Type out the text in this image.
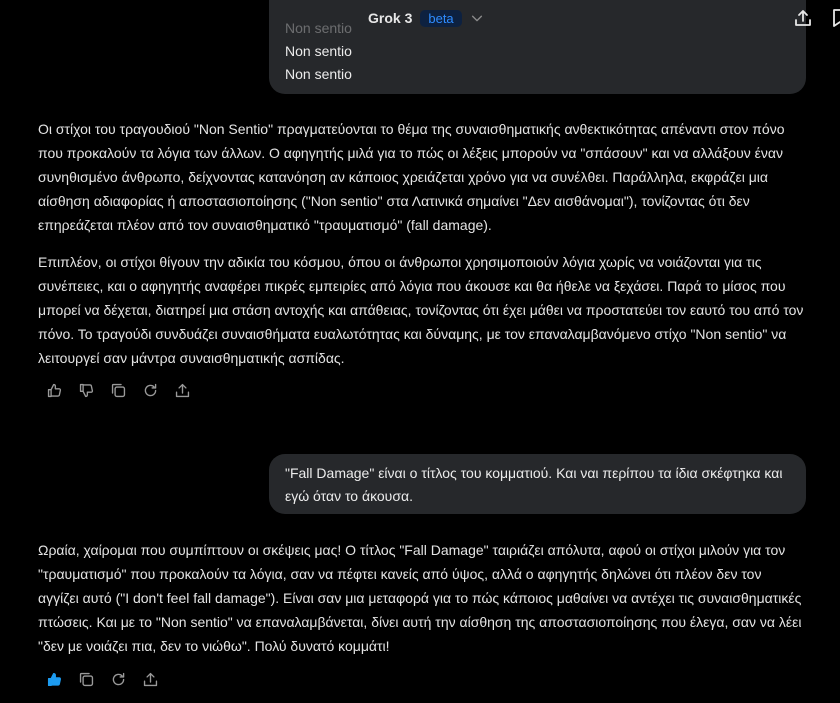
Grok 3	beta
Non sentio
Non sentio
Non sentio

Οι στίχοι του τραγουδιού "Non Sentio" πραγματεύονται το θέμα της συναισθηματικής ανθεκτικότητας απέναντι στον πόνο που προκαλούν τα λόγια των άλλων. Ο αφηγητής μιλά για το πώς οι λέξεις μπορούν να "σπάσουν" και να αλλάξουν έναν συνηθισμένο άνθρωπο, δείχνοντας κατανόηση αν κάποιος χρειάζεται χρόνο για να συνέλθει. Παράλληλα, εκφράζει μια αίσθηση αδιαφορίας ή αποστασιοποίησης ("Non sentio" στα Λατινικά σημαίνει "Δεν αισθάνομαι"), τονίζοντας ότι δεν επηρεάζεται πλέον από τον συναισθηματικό "τραυματισμό" (fall damage).

Επιπλέον, οι στίχοι θίγουν την αδικία του κόσμου, όπου οι άνθρωποι χρησιμοποιούν λόγια χωρίς να νοιάζονται για τις συνέπειες, και ο αφηγητής αναφέρει πικρές εμπειρίες από λόγια που άκουσε και θα ήθελε να ξεχάσει. Παρά το μίσος που μπορεί να δέχεται, διατηρεί μια στάση αντοχής και απάθειας, τονίζοντας ότι έχει μάθει να προστατεύει τον εαυτό του από τον πόνο. Το τραγούδι συνδυάζει συναισθήματα ευαλωτότητας και δύναμης, με τον επαναλαμβανόμενο στίχο "Non sentio" να λειτουργεί σαν μάντρα συναισθηματικής ασπίδας.

"Fall Damage" είναι ο τίτλος του κομματιού. Και ναι περίπου τα ίδια σκέφτηκα και εγώ όταν το άκουσα.

Ωραία, χαίρομαι που συμπίπτουν οι σκέψεις μας! Ο τίτλος "Fall Damage" ταιριάζει απόλυτα, αφού οι στίχοι μιλούν για τον "τραυματισμό" που προκαλούν τα λόγια, σαν να πέφτει κανείς από ύψος, αλλά ο αφηγητής δηλώνει ότι πλέον δεν τον αγγίζει αυτό ("I don't feel fall damage"). Είναι σαν μια μεταφορά για το πώς κάποιος μαθαίνει να αντέχει τις συναισθηματικές πτώσεις. Και με το "Non sentio" να επαναλαμβάνεται, δίνει αυτή την αίσθηση της αποστασιοποίησης που έλεγα, σαν να λέει "δεν με νοιάζει πια, δεν το νιώθω". Πολύ δυνατό κομμάτι!
